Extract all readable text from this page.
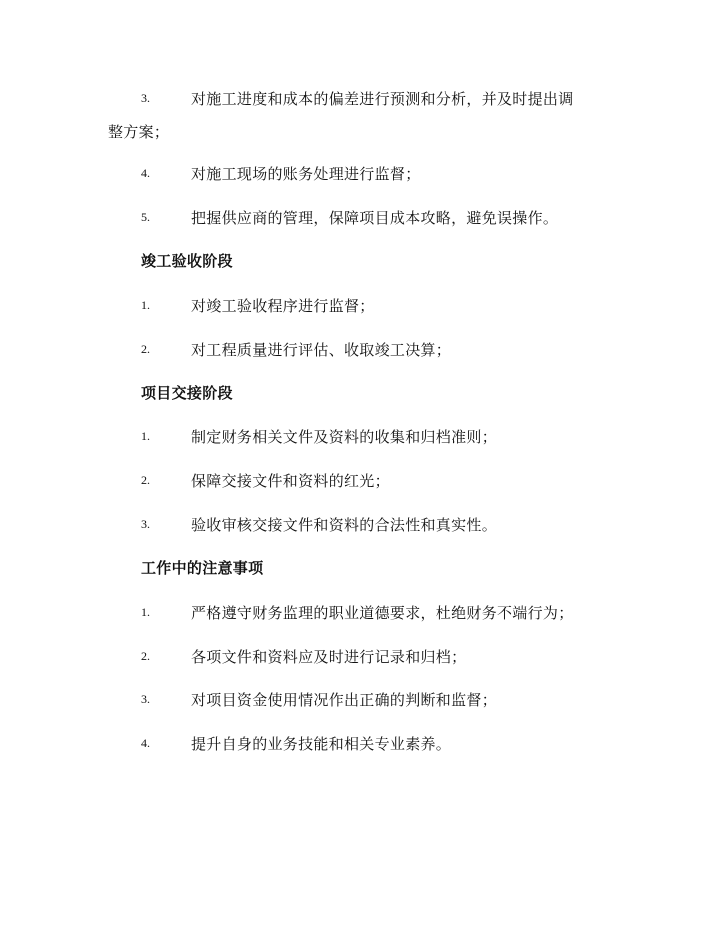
3.	对施工进度和成本的偏差进行预测和分析，并及时提出调
整方案；
4.	对施工现场的账务处理进行监督；
5.	把握供应商的管理，保障项目成本攻略，避免误操作。
竣工验收阶段
1.	对竣工验收程序进行监督；
2.	对工程质量进行评估、收取竣工决算；
项目交接阶段
1.	制定财务相关文件及资料的收集和归档准则；
2.	保障交接文件和资料的红光；
3.	验收审核交接文件和资料的合法性和真实性。
工作中的注意事项
1.	严格遵守财务监理的职业道德要求，杜绝财务不端行为；
2.	各项文件和资料应及时进行记录和归档；
3.	对项目资金使用情况作出正确的判断和监督；
4.	提升自身的业务技能和相关专业素养。
